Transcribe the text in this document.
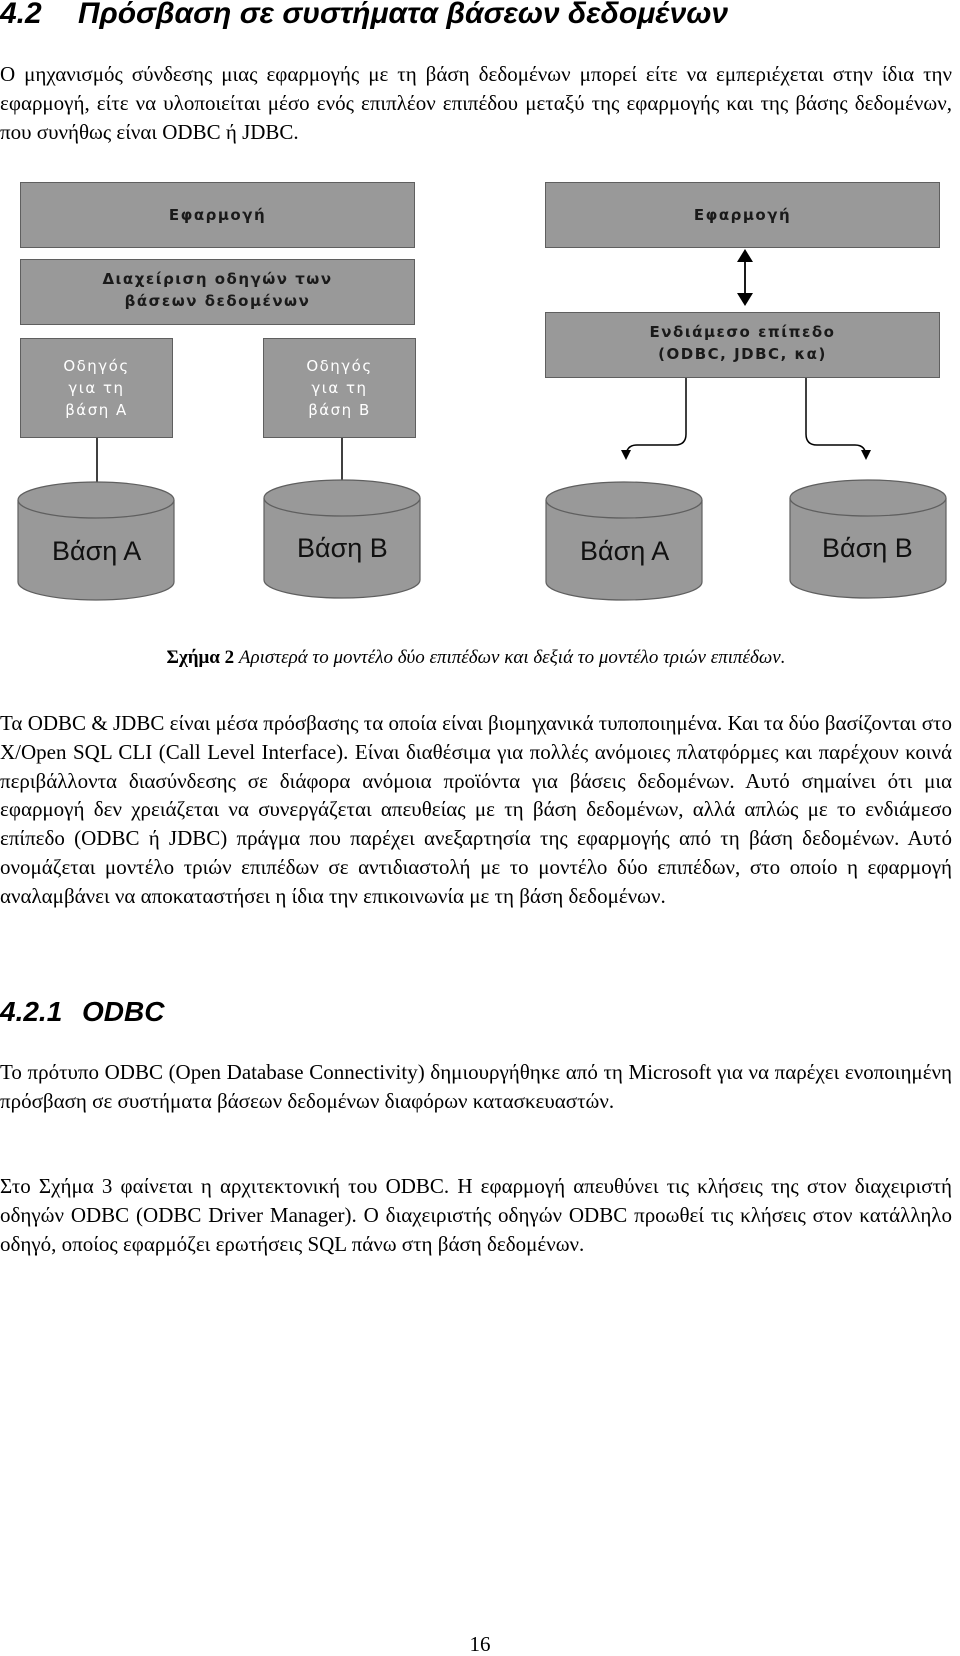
4.2 Πρόσβαση σε συστήματα βάσεων δεδομένων

Ο μηχανισμός σύνδεσης μιας εφαρμογής με τη βάση δεδομένων μπορεί είτε να εμπεριέχεται στην ίδια την εφαρμογή, είτε να υλοποιείται μέσο ενός επιπλέον επιπέδου μεταξύ της εφαρμογής και της βάσης δεδομένων, που συνήθως είναι ODBC ή JDBC.

Εφαρμογή
Διαχείριση οδηγών των
βάσεων δεδομένων
Οδηγός
για τη
βάση Α
Οδηγός
για τη
βάση Β
Εφαρμογή
Ενδιάμεσο επίπεδο
(ODBC, JDBC, κα)
Βάση Α	Βάση Β	Βάση Α	Βάση Β

Σχήμα 2 Αριστερά το μοντέλο δύο επιπέδων και δεξιά το μοντέλο τριών επιπέδων.

Τα ODBC & JDBC είναι μέσα πρόσβασης τα οποία είναι βιομηχανικά τυποποιημένα. Και τα δύο βασίζονται στο X/Open SQL CLI (Call Level Interface). Είναι διαθέσιμα για πολλές ανόμοιες πλατφόρμες και παρέχουν κοινά περιβάλλοντα διασύνδεσης σε διάφορα ανόμοια προϊόντα για βάσεις δεδομένων. Αυτό σημαίνει ότι μια εφαρμογή δεν χρειάζεται να συνεργάζεται απευθείας με τη βάση δεδομένων, αλλά απλώς με το ενδιάμεσο επίπεδο (ODBC ή JDBC) πράγμα που παρέχει ανεξαρτησία της εφαρμογής από τη βάση δεδομένων. Αυτό ονομάζεται μοντέλο τριών επιπέδων σε αντιδιαστολή με το μοντέλο δύο επιπέδων, στο οποίο η εφαρμογή αναλαμβάνει να αποκαταστήσει η ίδια την επικοινωνία με τη βάση δεδομένων.

4.2.1 ODBC

Το πρότυπο ODBC (Open Database Connectivity) δημιουργήθηκε από τη Microsoft για να παρέχει ενοποιημένη πρόσβαση σε συστήματα βάσεων δεδομένων διαφόρων κατασκευαστών.

Στο Σχήμα 3 φαίνεται η αρχιτεκτονική του ODBC. Η εφαρμογή απευθύνει τις κλήσεις της στον διαχειριστή οδηγών ODBC (ODBC Driver Manager). Ο διαχειριστής οδηγών ODBC προωθεί τις κλήσεις στον κατάλληλο οδηγό, οποίος εφαρμόζει ερωτήσεις SQL πάνω στη βάση δεδομένων.

16
